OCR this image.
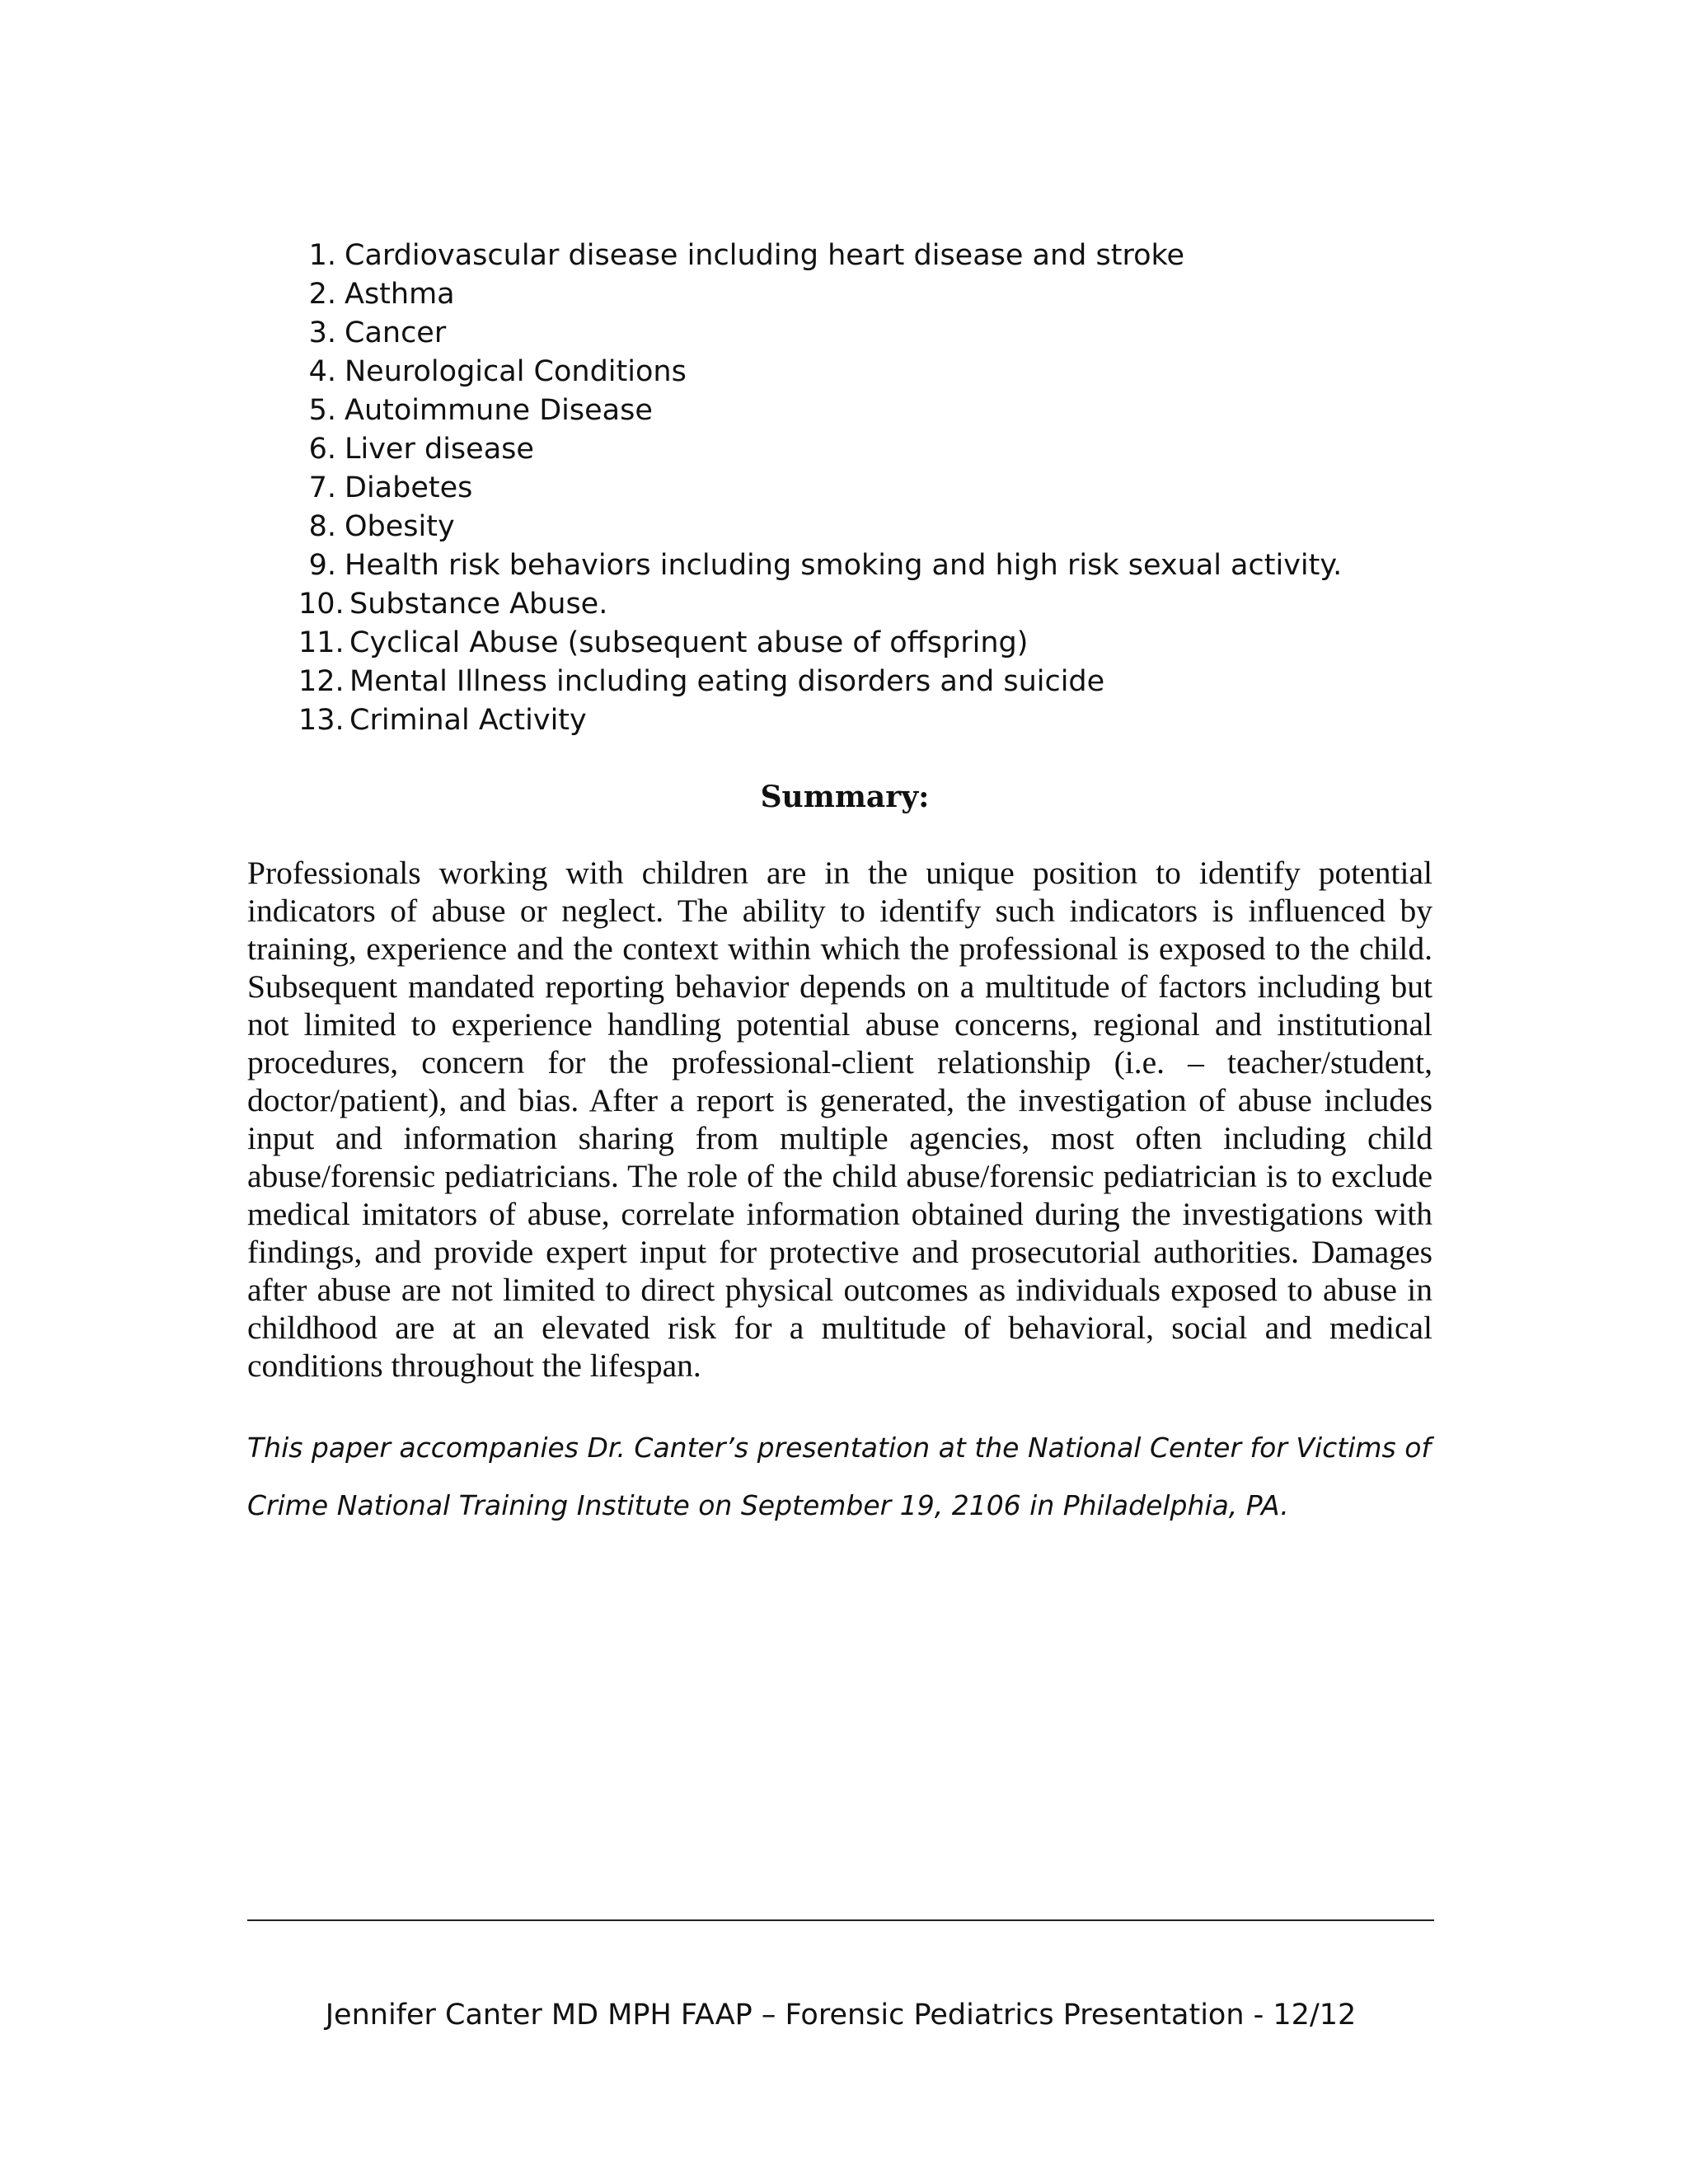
1. Cardiovascular disease including heart disease and stroke
2. Asthma
3. Cancer
4. Neurological Conditions
5. Autoimmune Disease
6. Liver disease
7. Diabetes
8. Obesity
9. Health risk behaviors including smoking and high risk sexual activity.
10. Substance Abuse.
11. Cyclical Abuse (subsequent abuse of offspring)
12. Mental Illness including eating disorders and suicide
13. Criminal Activity
Summary:

Professionals working with children are in the unique position to identify potential indicators of abuse or neglect. The ability to identify such indicators is influenced by training, experience and the context within which the professional is exposed to the child. Subsequent mandated reporting behavior depends on a multitude of factors including but not limited to experience handling potential abuse concerns, regional and institutional procedures, concern for the professional-client relationship (i.e. – teacher/student, doctor/patient), and bias. After a report is generated, the investigation of abuse includes input and information sharing from multiple agencies, most often including child abuse/forensic pediatricians. The role of the child abuse/forensic pediatrician is to exclude medical imitators of abuse, correlate information obtained during the investigations with findings, and provide expert input for protective and prosecutorial authorities. Damages after abuse are not limited to direct physical outcomes as individuals exposed to abuse in childhood are at an elevated risk for a multitude of behavioral, social and medical conditions throughout the lifespan.

This paper accompanies Dr. Canter’s presentation at the National Center for Victims of Crime National Training Institute on September 19, 2106 in Philadelphia, PA.

Jennifer Canter MD MPH FAAP – Forensic Pediatrics Presentation - 12/12
